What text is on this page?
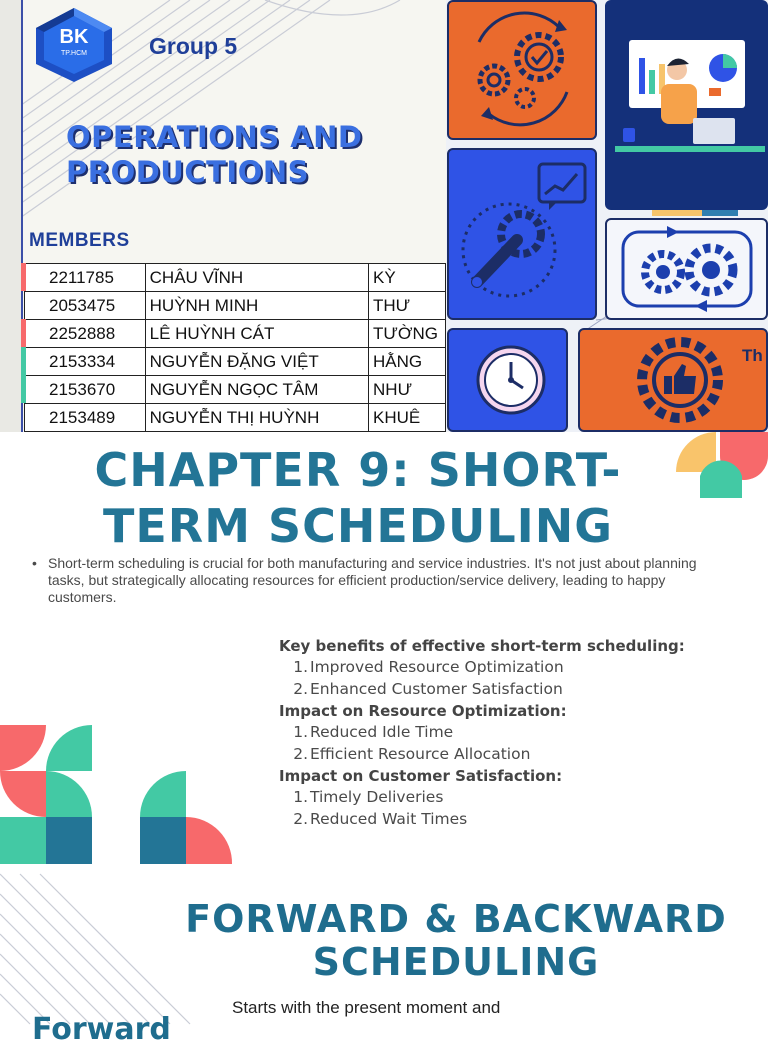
BK
TP.HCM	Group 5
OPERATIONS AND
PRODUCTIONS
MEMBERS
2211785	CHÂU VĨNH	KỲ
2053475	HUỲNH MINH	THƯ
2252888	LÊ HUỲNH CÁT	TƯỜNG
2153334	NGUYỄN ĐẶNG VIỆT	HẰNG
2153670	NGUYỄN NGỌC TÂM	NHƯ
2153489	NGUYỄN THỊ HUỲNH	KHUÊ
Th
CHAPTER 9: SHORT-
TERM SCHEDULING
• Short-term scheduling is crucial for both manufacturing and service industries. It's not just about planning tasks, but strategically allocating resources for efficient production/service delivery, leading to happy customers.
Key benefits of effective short-term scheduling:
1. Improved Resource Optimization
2. Enhanced Customer Satisfaction
Impact on Resource Optimization:
1. Reduced Idle Time
2. Efficient Resource Allocation
Impact on Customer Satisfaction:
1. Timely Deliveries
2. Reduced Wait Times
FORWARD & BACKWARD
SCHEDULING
Starts with the present moment and
Forward
